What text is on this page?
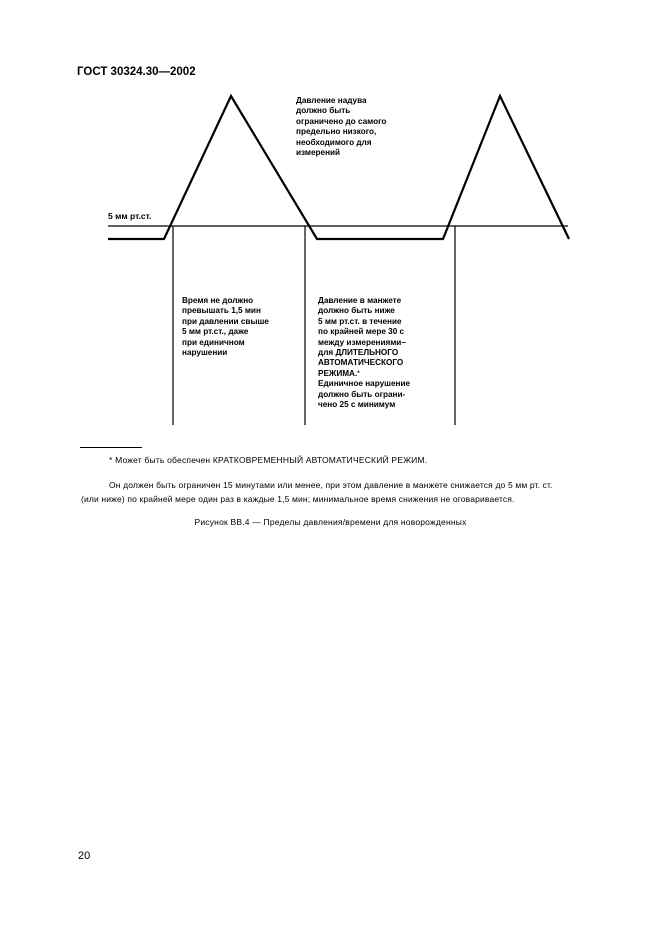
ГОСТ 30324.30—2002
5 мм рт.ст.
Давление надува
должно быть
ограничено до самого
предельно низкого,
необходимого для
измерений
Время не должно
превышать 1,5 мин
при давлении свыше
5 мм рт.ст., даже
при единичном
нарушении
Давление в манжете
должно быть ниже
5 мм рт.ст. в течение
по крайней мере 30 с
между измерениями–
для ДЛИТЕЛЬНОГО
АВТОМАТИЧЕСКОГО
РЕЖИМА.*
Единичное нарушение
должно быть ограни-
чено 25 с минимум
* Может быть обеспечен КРАТКОВРЕМЕННЫЙ АВТОМАТИЧЕСКИЙ РЕЖИМ.
Он должен быть ограничен 15 минутами или менее, при этом давление в манжете снижается до 5 мм рт. ст.
(или ниже) по крайней мере один раз в каждые 1,5 мин; минимальное время снижения не оговаривается.
Рисунок ВВ.4 — Пределы давления/времени для новорожденных
20
